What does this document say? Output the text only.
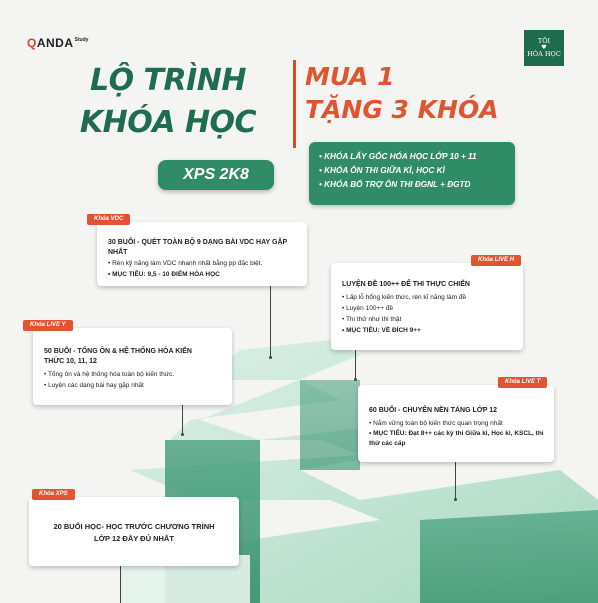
QANDA Study	TÔI
♥
HÓA HỌC
LỘ TRÌNH
KHÓA HỌC
MUA 1
TẶNG 3 KHÓA
XPS 2K8
• KHÓA LẤY GỐC HÓA HỌC LỚP 10 + 11
• KHÓA ÔN THI GIỮA KÌ, HỌC KÌ
• KHÓA BỔ TRỢ ÔN THI ĐGNL + ĐGTD
Khóa VDC
30 BUỔI - QUÉT TOÀN BỘ 9 DẠNG BÀI VDC HAY GẶP NHẤT
• Rèn kỹ năng làm VDC nhanh nhất bằng pp đặc biệt.
• MỤC TIÊU: 9,5 - 10 ĐIỂM HÓA HỌC
Khóa LIVE H
LUYỆN ĐỀ 100++ ĐỂ THI THỰC CHIẾN
• Lấp lỗ hổng kiến thức, rèn kĩ năng làm đề
• Luyện 100++ đề
• Thi thử như thi thật
• MỤC TIÊU: VỀ ĐÍCH 9++
Khóa LIVE Y
50 BUỔI - TỔNG ÔN & HỆ THỐNG HÓA KIẾN THỨC 10, 11, 12
• Tổng ôn và hệ thống hóa toàn bộ kiến thức.
• Luyện các dạng bài hay gặp nhất	Khóa LIVE T
60 BUỔI - CHUYÊN NỀN TẢNG LỚP 12
• Nắm vững toàn bộ kiến thức quan trọng nhất
• MỤC TIÊU: Đạt 8++ các kỳ thi Giữa kì, Học kì, KSCL, thi thử các cấp
Khóa XPS
20 BUỔI HỌC- HỌC TRƯỚC CHƯƠNG TRÌNH LỚP 12 ĐẦY ĐỦ NHẤT
